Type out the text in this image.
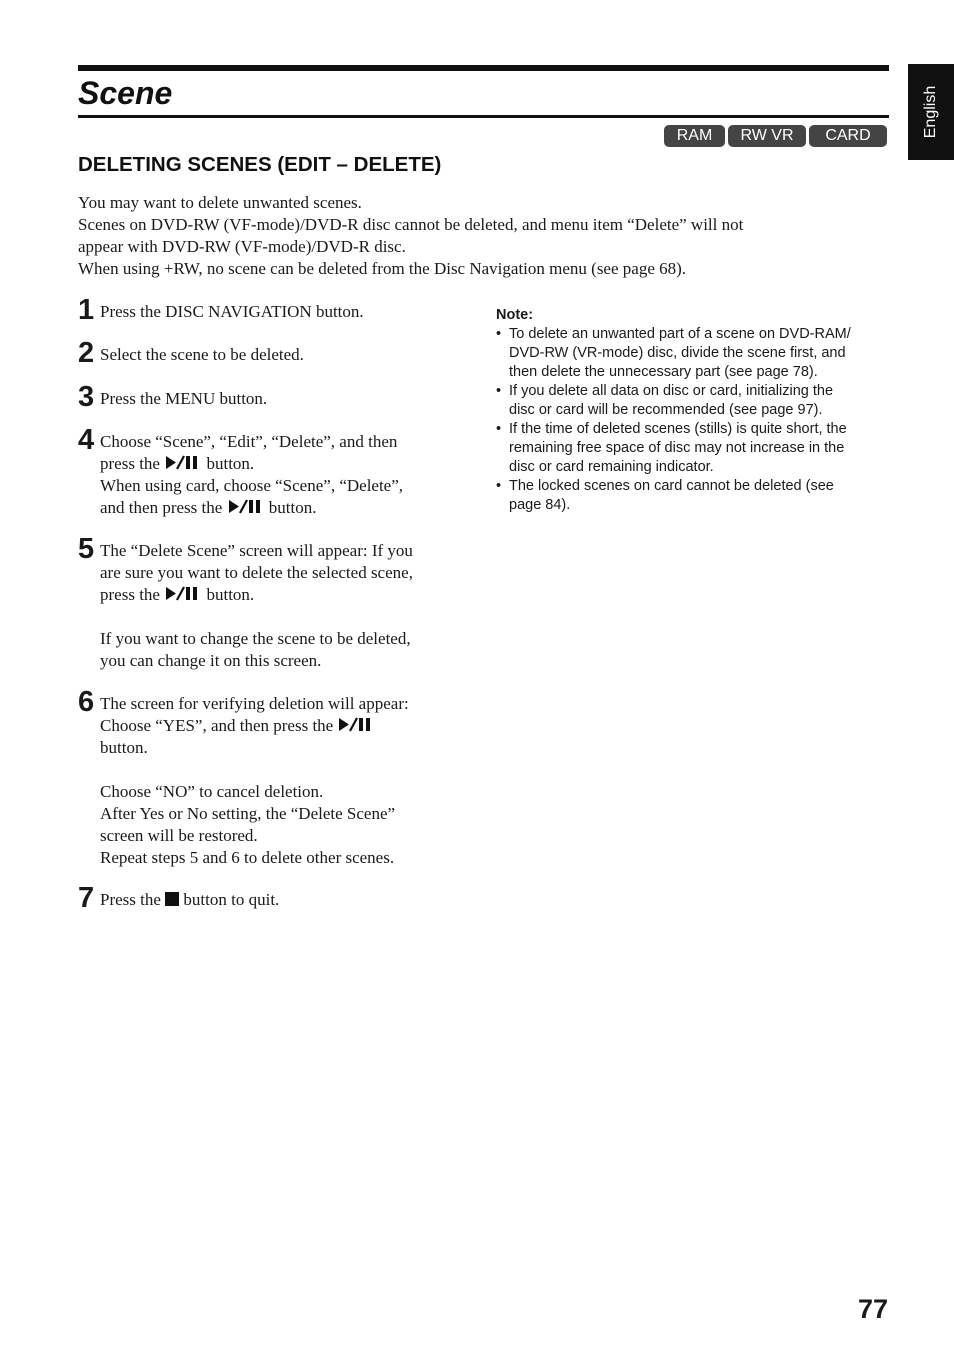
Scene	English
RAM	RW VR	CARD
DELETING SCENES (EDIT – DELETE)

You may want to delete unwanted scenes.

Scenes on DVD-RW (VF-mode)/DVD-R disc cannot be deleted, and menu item “Delete” will not

appear with DVD-RW (VF-mode)/DVD-R disc.

When using +RW, no scene can be deleted from the Disc Navigation menu (see page 68).

1 Press the DISC NAVIGATION button.

2 Select the scene to be deleted.

3 Press the MENU button.

4 Choose “Scene”, “Edit”, “Delete”, and then

press the	button.

When using card, choose “Scene”, “Delete”,

and then press the	button.

5 The “Delete Scene” screen will appear: If you

are sure you want to delete the selected scene,

press the	button.

If you want to change the scene to be deleted,

you can change it on this screen.

6 The screen for verifying deletion will appear:

Choose “YES”, and then press the

button.

Choose “NO” to cancel deletion.

After Yes or No setting, the “Delete Scene”

screen will be restored.

Repeat steps 5 and 6 to delete other scenes.

7 Press the button to quit.

Note:
• To delete an unwanted part of a scene on DVD-RAM/

DVD-RW (VR-mode) disc, divide the scene first, and

then delete the unnecessary part (see page 78).

• If you delete all data on disc or card, initializing the

disc or card will be recommended (see page 97).

• If the time of deleted scenes (stills) is quite short, the

remaining free space of disc may not increase in the

disc or card remaining indicator.

• The locked scenes on card cannot be deleted (see

page 84).

77
